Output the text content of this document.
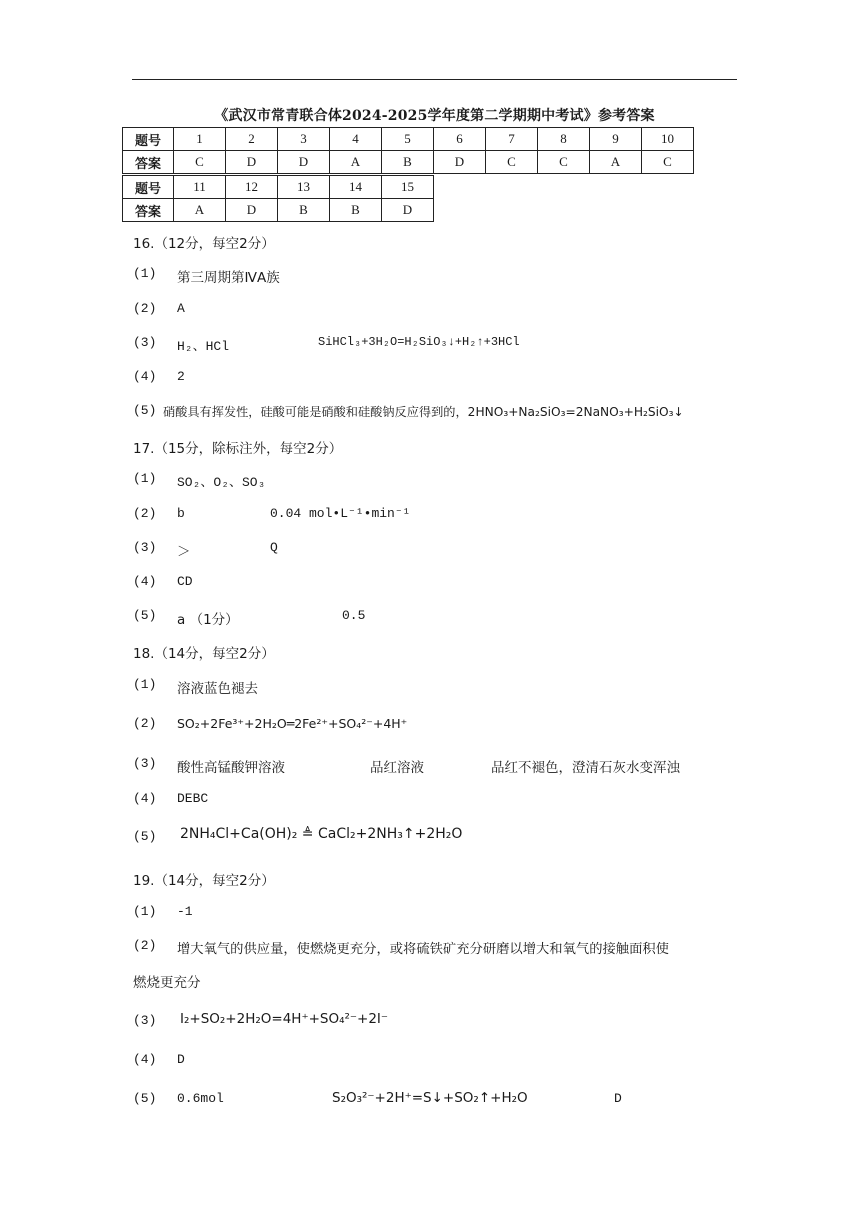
《武汉市常青联合体2024-2025学年度第二学期期中考试》参考答案
题号	1	2	3	4	5	6	7	8	9	10
答案	C	D	D	A	B	D	C	C	A	C
题号	11	12	13	14	15
答案	A	D	B	B	D
16.（12分，每空2分）
(1) 第三周期第ⅣA族
(2) A
(3) H₂、HCl	SiHCl₃+3H₂O=H₂SiO₃↓+H₂↑+3HCl
(4) 2
(5) 硝酸具有挥发性，硅酸可能是硝酸和硅酸钠反应得到的，2HNO₃+Na₂SiO₃=2NaNO₃+H₂SiO₃↓
17.（15分，除标注外，每空2分）
(1) SO₂、O₂、SO₃
(2) b	0.04 mol•L⁻¹•min⁻¹
(3) ＞	Q
(4) CD
(5) a （1分）	0.5
18.（14分，每空2分）
(1) 溶液蓝色褪去
(2) SO₂+2Fe³⁺+2H₂O═2Fe²⁺+SO₄²⁻+4H⁺
(3) 酸性高锰酸钾溶液	品红溶液	品红不褪色，澄清石灰水变浑浊
(4) DEBC
(5) 2NH₄Cl+Ca(OH)₂ ≜ CaCl₂+2NH₃↑+2H₂O
19.（14分，每空2分）
(1) -1
(2) 增大氧气的供应量，使燃烧更充分，或将硫铁矿充分研磨以增大和氧气的接触面积使
燃烧更充分
(3) I₂+SO₂+2H₂O=4H⁺+SO₄²⁻+2I⁻
(4) D
(5) 0.6mol	S₂O₃²⁻+2H⁺=S↓+SO₂↑+H₂O	D
